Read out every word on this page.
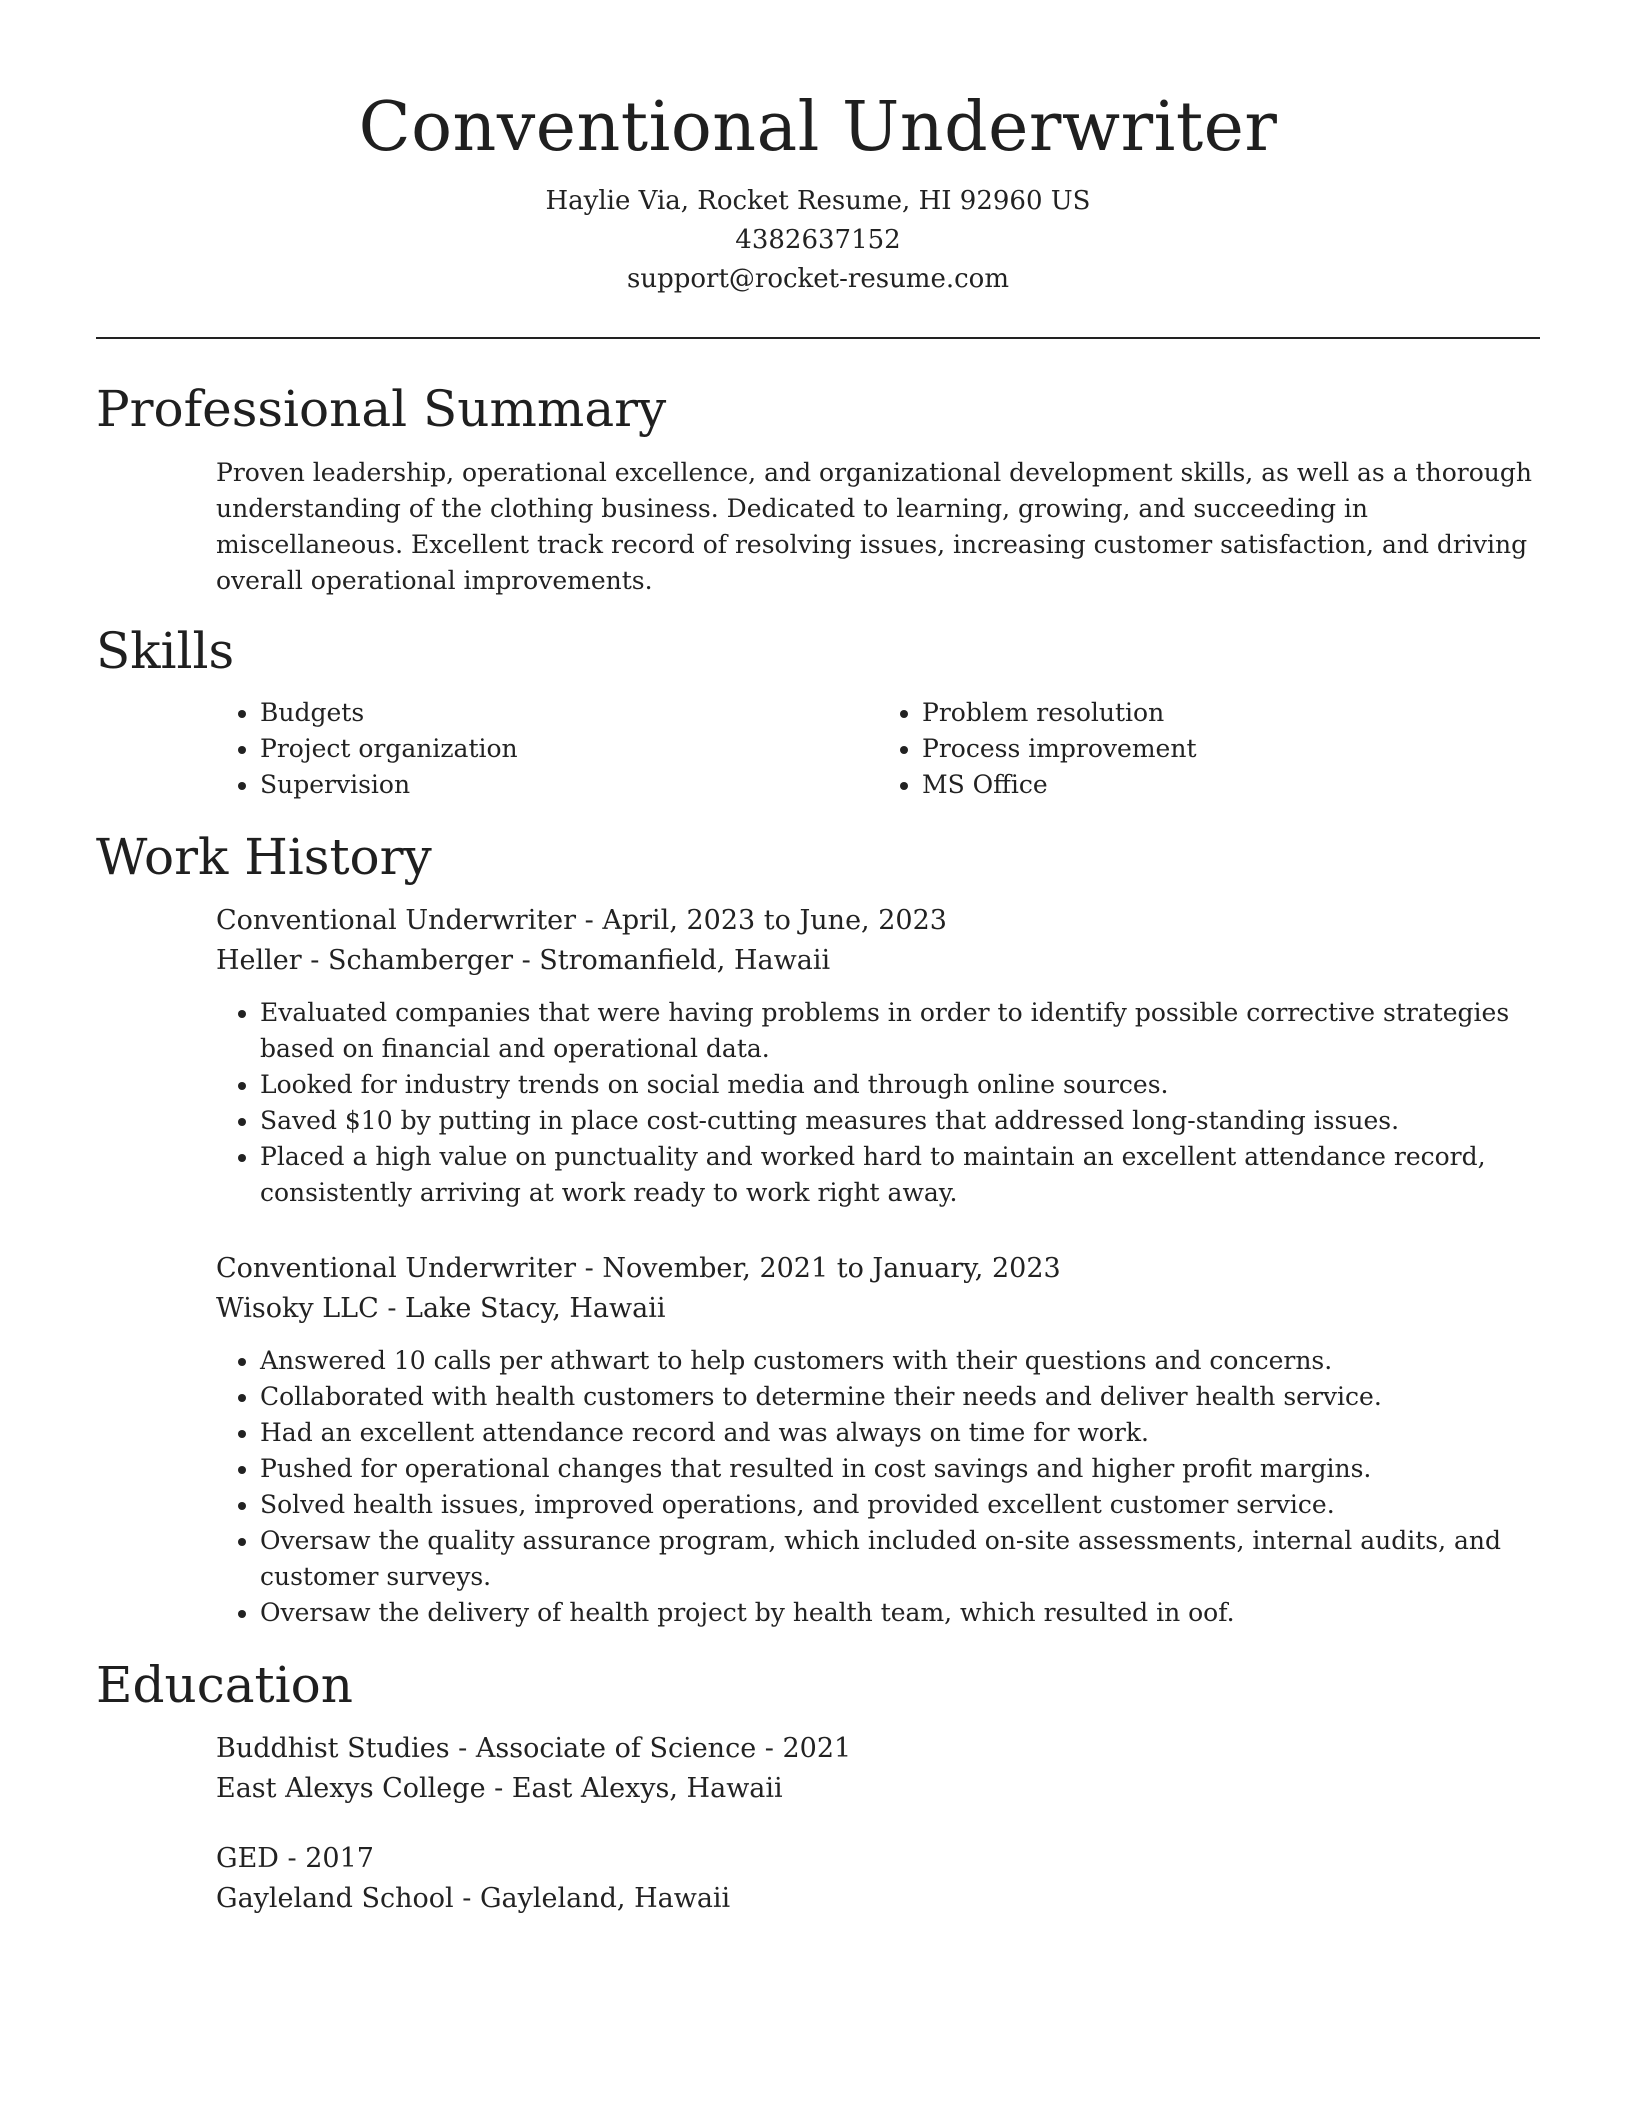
Conventional Underwriter
Haylie Via, Rocket Resume, HI 92960 US
4382637152
support@rocket-resume.com
Professional Summary
Proven leadership, operational excellence, and organizational development skills, as well as a thorough understanding of the clothing business. Dedicated to learning, growing, and succeeding in miscellaneous. Excellent track record of resolving issues, increasing customer satisfaction, and driving overall operational improvements.
Skills
• Budgets
• Project organization
• Supervision
• Problem resolution
• Process improvement
• MS Office
Work History
Conventional Underwriter - April, 2023 to June, 2023
Heller - Schamberger - Stromanfield, Hawaii
• Evaluated companies that were having problems in order to identify possible corrective strategies based on financial and operational data.
• Looked for industry trends on social media and through online sources.
• Saved $10 by putting in place cost-cutting measures that addressed long-standing issues.
• Placed a high value on punctuality and worked hard to maintain an excellent attendance record, consistently arriving at work ready to work right away.
Conventional Underwriter - November, 2021 to January, 2023
Wisoky LLC - Lake Stacy, Hawaii
• Answered 10 calls per athwart to help customers with their questions and concerns.
• Collaborated with health customers to determine their needs and deliver health service.
• Had an excellent attendance record and was always on time for work.
• Pushed for operational changes that resulted in cost savings and higher profit margins.
• Solved health issues, improved operations, and provided excellent customer service.
• Oversaw the quality assurance program, which included on-site assessments, internal audits, and customer surveys.
• Oversaw the delivery of health project by health team, which resulted in oof.
Education
Buddhist Studies - Associate of Science - 2021
East Alexys College - East Alexys, Hawaii
GED - 2017
Gayleland School - Gayleland, Hawaii
